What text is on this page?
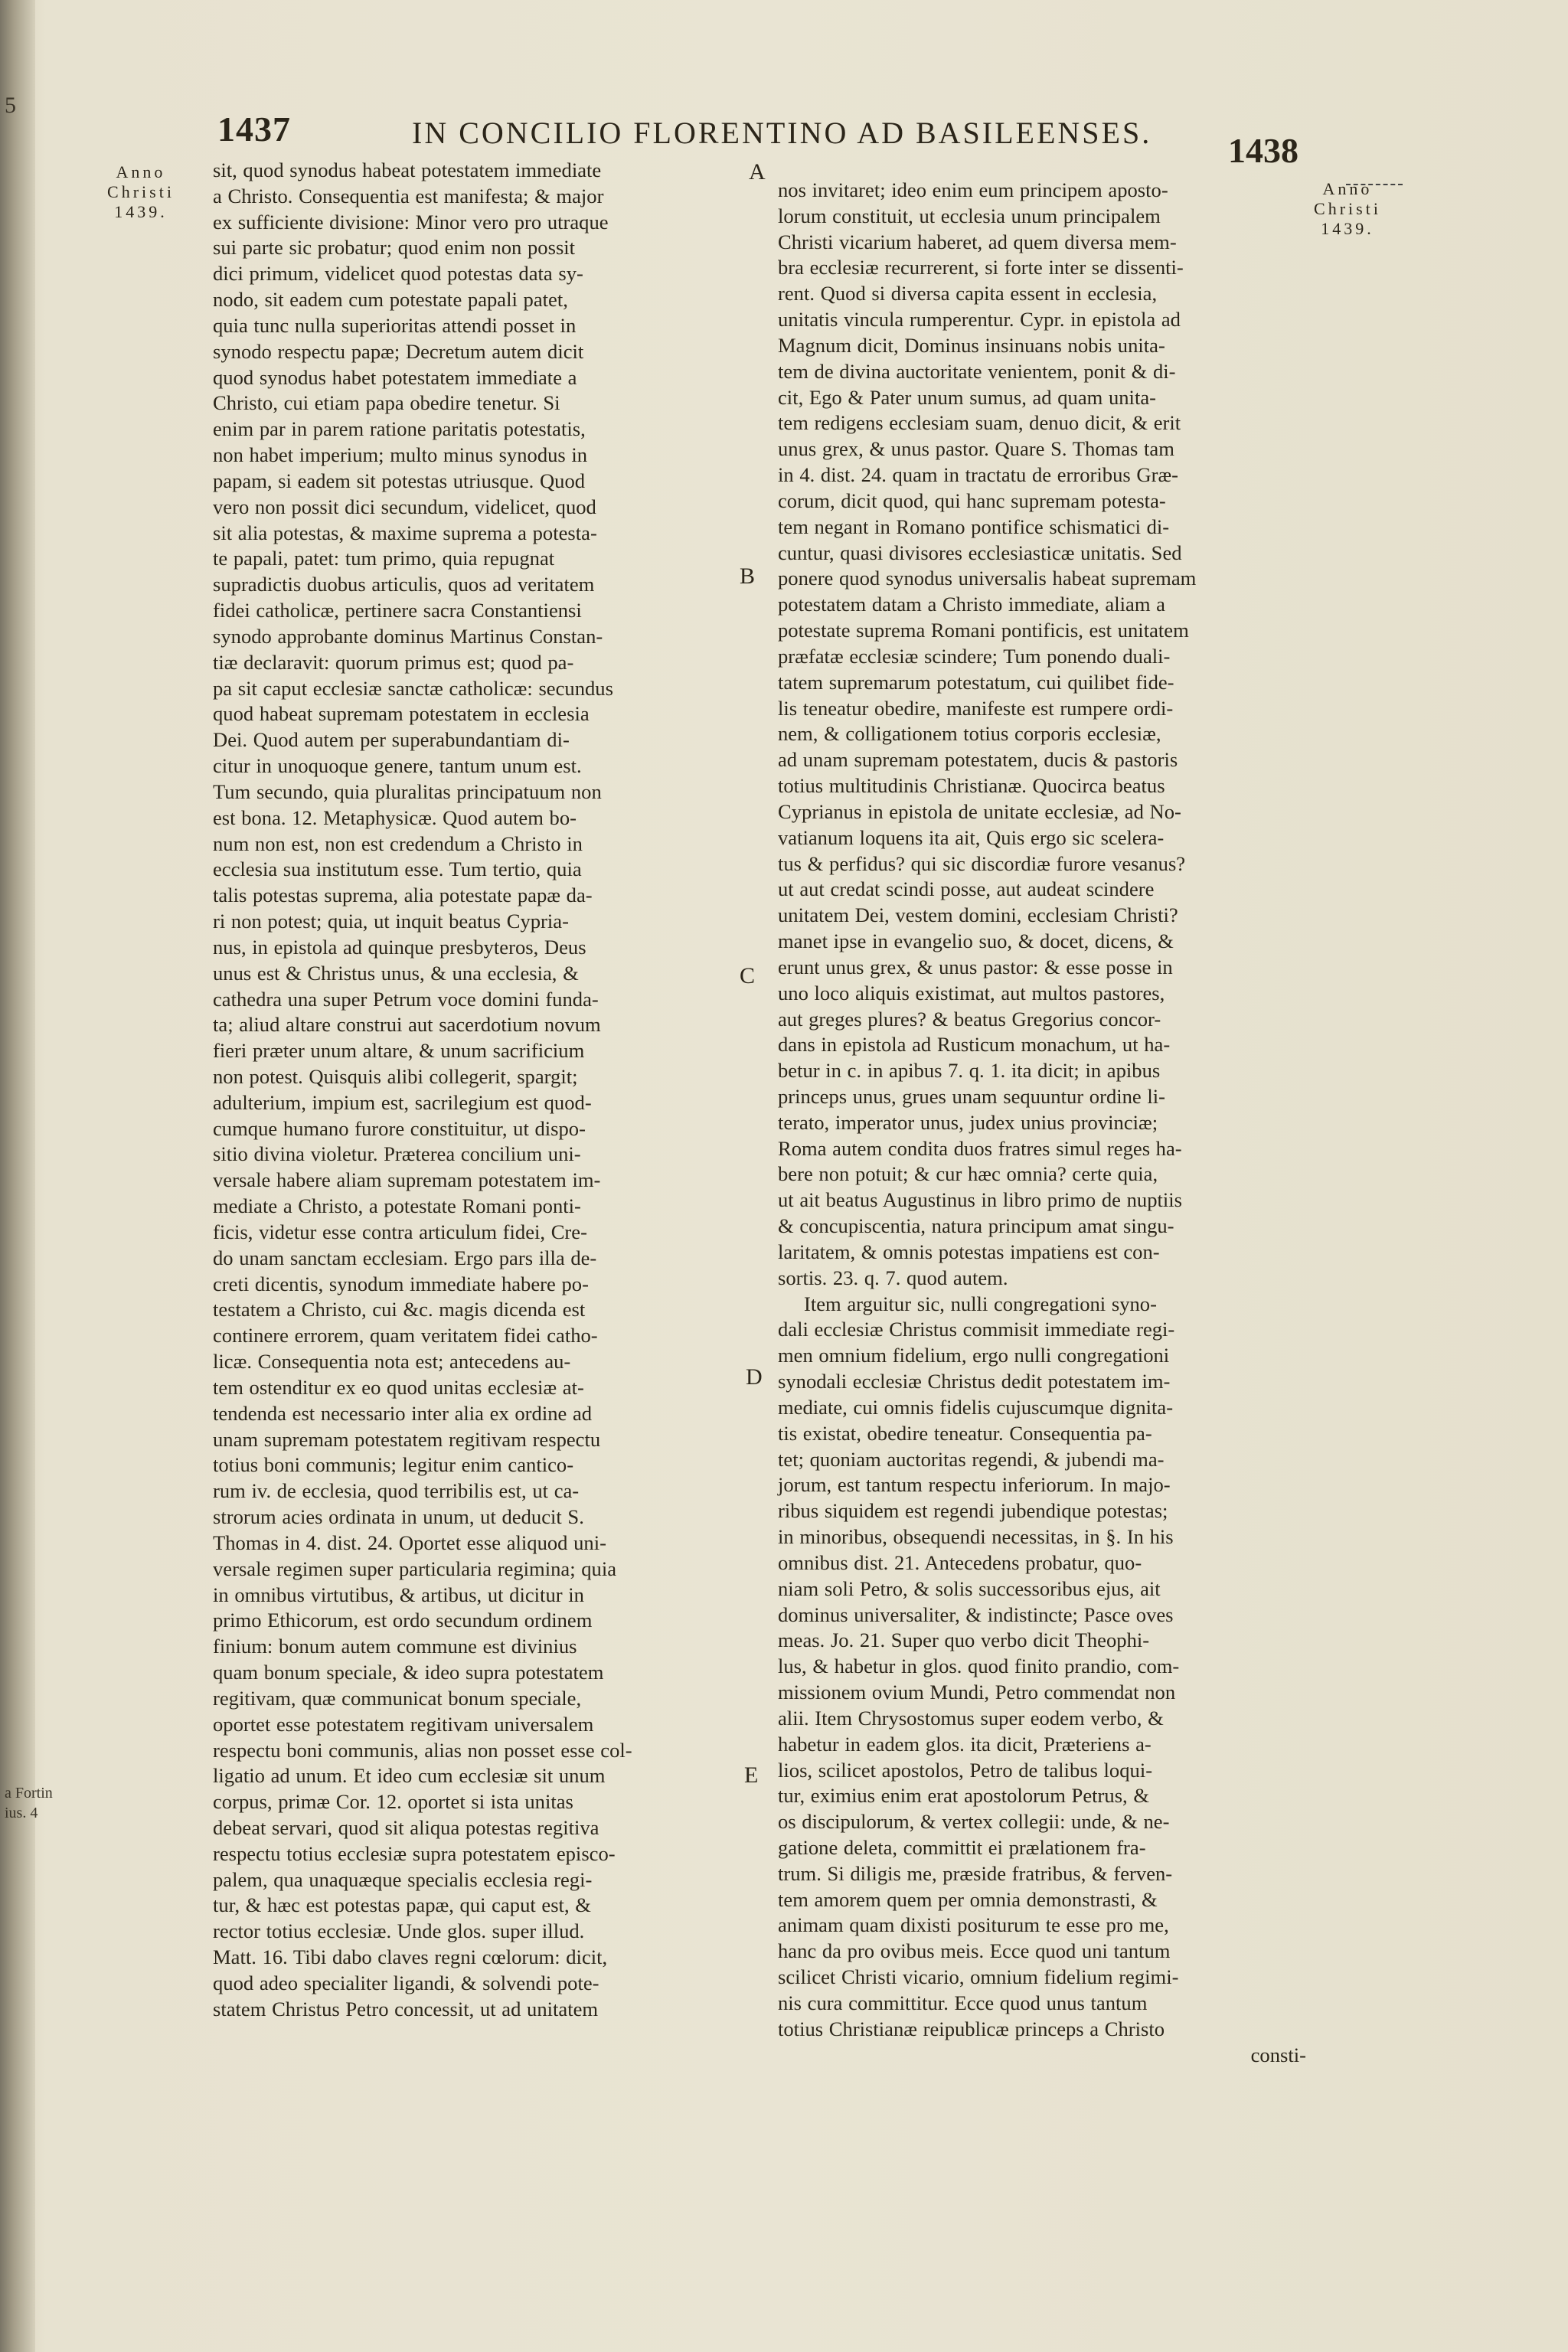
5
a Fortin
ius. 4
1437	IN CONCILIO FLORENTINO AD BASILEENSES. 1438
Anno
Christi
1439.
Anno
Christi
1439.
sit, quod synodus habeat potestatem immediate
a Christo. Consequentia est manifesta; & major
ex sufficiente divisione: Minor vero pro utraque
sui parte sic probatur; quod enim non possit
dici primum, videlicet quod potestas data sy-
nodo, sit eadem cum potestate papali patet,
quia tunc nulla superioritas attendi posset in
synodo respectu papæ; Decretum autem dicit
quod synodus habet potestatem immediate a
Christo, cui etiam papa obedire tenetur. Si
enim par in parem ratione paritatis potestatis,
non habet imperium; multo minus synodus in
papam, si eadem sit potestas utriusque. Quod
vero non possit dici secundum, videlicet, quod
sit alia potestas, & maxime suprema a potesta-
te papali, patet: tum primo, quia repugnat
supradictis duobus articulis, quos ad veritatem
fidei catholicæ, pertinere sacra Constantiensi
synodo approbante dominus Martinus Constan-
tiæ declaravit: quorum primus est; quod pa-
pa sit caput ecclesiæ sanctæ catholicæ: secundus
quod habeat supremam potestatem in ecclesia
Dei. Quod autem per superabundantiam di-
citur in unoquoque genere, tantum unum est.
Tum secundo, quia pluralitas principatuum non
est bona. 12. Metaphysicæ. Quod autem bo-
num non est, non est credendum a Christo in
ecclesia sua institutum esse. Tum tertio, quia
talis potestas suprema, alia potestate papæ da-
ri non potest; quia, ut inquit beatus Cypria-
nus, in epistola ad quinque presbyteros, Deus
unus est & Christus unus, & una ecclesia, &
cathedra una super Petrum voce domini funda-
ta; aliud altare construi aut sacerdotium novum
fieri præter unum altare, & unum sacrificium
non potest. Quisquis alibi collegerit, spargit;
adulterium, impium est, sacrilegium est quod-
cumque humano furore constituitur, ut dispo-
sitio divina violetur. Præterea concilium uni-
versale habere aliam supremam potestatem im-
mediate a Christo, a potestate Romani ponti-
ficis, videtur esse contra articulum fidei, Cre-
do unam sanctam ecclesiam. Ergo pars illa de-
creti dicentis, synodum immediate habere po-
testatem a Christo, cui &c. magis dicenda est
continere errorem, quam veritatem fidei catho-
licæ. Consequentia nota est; antecedens au-
tem ostenditur ex eo quod unitas ecclesiæ at-
tendenda est necessario inter alia ex ordine ad
unam supremam potestatem regitivam respectu
totius boni communis; legitur enim cantico-
rum iv. de ecclesia, quod terribilis est, ut ca-
strorum acies ordinata in unum, ut deducit S.
Thomas in 4. dist. 24. Oportet esse aliquod uni-
versale regimen super particularia regimina; quia
in omnibus virtutibus, & artibus, ut dicitur in
primo Ethicorum, est ordo secundum ordinem
finium: bonum autem commune est divinius
quam bonum speciale, & ideo supra potestatem
regitivam, quæ communicat bonum speciale,
oportet esse potestatem regitivam universalem
respectu boni communis, alias non posset esse col-
ligatio ad unum. Et ideo cum ecclesiæ sit unum
corpus, primæ Cor. 12. oportet si ista unitas
debeat servari, quod sit aliqua potestas regitiva
respectu totius ecclesiæ supra potestatem episco-
palem, qua unaquæque specialis ecclesia regi-
tur, & hæc est potestas papæ, qui caput est, &
rector totius ecclesiæ. Unde glos. super illud.
Matt. 16. Tibi dabo claves regni cœlorum: dicit,
quod adeo specialiter ligandi, & solvendi pote-
statem Christus Petro concessit, ut ad unitatem
nos invitaret; ideo enim eum principem aposto-
lorum constituit, ut ecclesia unum principalem
Christi vicarium haberet, ad quem diversa mem-
bra ecclesiæ recurrerent, si forte inter se dissenti-
rent. Quod si diversa capita essent in ecclesia,
unitatis vincula rumperentur. Cypr. in epistola ad
Magnum dicit, Dominus insinuans nobis unita-
tem de divina auctoritate venientem, ponit & di-
cit, Ego & Pater unum sumus, ad quam unita-
tem redigens ecclesiam suam, denuo dicit, & erit
unus grex, & unus pastor. Quare S. Thomas tam
in 4. dist. 24. quam in tractatu de erroribus Græ-
corum, dicit quod, qui hanc supremam potesta-
tem negant in Romano pontifice schismatici di-
cuntur, quasi divisores ecclesiasticæ unitatis. Sed
ponere quod synodus universalis habeat supremam
potestatem datam a Christo immediate, aliam a
potestate suprema Romani pontificis, est unitatem
præfatæ ecclesiæ scindere; Tum ponendo duali-
tatem supremarum potestatum, cui quilibet fide-
lis teneatur obedire, manifeste est rumpere ordi-
nem, & colligationem totius corporis ecclesiæ,
ad unam supremam potestatem, ducis & pastoris
totius multitudinis Christianæ. Quocirca beatus
Cyprianus in epistola de unitate ecclesiæ, ad No-
vatianum loquens ita ait, Quis ergo sic scelera-
tus & perfidus? qui sic discordiæ furore vesanus?
ut aut credat scindi posse, aut audeat scindere
unitatem Dei, vestem domini, ecclesiam Christi?
manet ipse in evangelio suo, & docet, dicens, &
erunt unus grex, & unus pastor: & esse posse in
uno loco aliquis existimat, aut multos pastores,
aut greges plures? & beatus Gregorius concor-
dans in epistola ad Rusticum monachum, ut ha-
betur in c. in apibus 7. q. 1. ita dicit; in apibus
princeps unus, grues unam sequuntur ordine li-
terato, imperator unus, judex unius provinciæ;
Roma autem condita duos fratres simul reges ha-
bere non potuit; & cur hæc omnia? certe quia,
ut ait beatus Augustinus in libro primo de nuptiis
& concupiscentia, natura principum amat singu-
laritatem, & omnis potestas impatiens est con-
sortis. 23. q. 7. quod autem.
Item arguitur sic, nulli congregationi syno-
dali ecclesiæ Christus commisit immediate regi-
men omnium fidelium, ergo nulli congregationi
synodali ecclesiæ Christus dedit potestatem im-
mediate, cui omnis fidelis cujuscumque dignita-
tis existat, obedire teneatur. Consequentia pa-
tet; quoniam auctoritas regendi, & jubendi ma-
jorum, est tantum respectu inferiorum. In majo-
ribus siquidem est regendi jubendique potestas;
in minoribus, obsequendi necessitas, in §. In his
omnibus dist. 21. Antecedens probatur, quo-
niam soli Petro, & solis successoribus ejus, ait
dominus universaliter, & indistincte; Pasce oves
meas. Jo. 21. Super quo verbo dicit Theophi-
lus, & habetur in glos. quod finito prandio, com-
missionem ovium Mundi, Petro commendat non
alii. Item Chrysostomus super eodem verbo, &
habetur in eadem glos. ita dicit, Præteriens a-
lios, scilicet apostolos, Petro de talibus loqui-
tur, eximius enim erat apostolorum Petrus, &
os discipulorum, & vertex collegii: unde, & ne-
gatione deleta, committit ei prælationem fra-
trum. Si diligis me, præside fratribus, & ferven-
tem amorem quem per omnia demonstrasti, &
animam quam dixisti positurum te esse pro me,
hanc da pro ovibus meis. Ecce quod uni tantum
scilicet Christi vicario, omnium fidelium regimi-
nis cura committitur. Ecce quod unus tantum
totius Christianæ reipublicæ princeps a Christo
consti-
A
B
C
D
E
